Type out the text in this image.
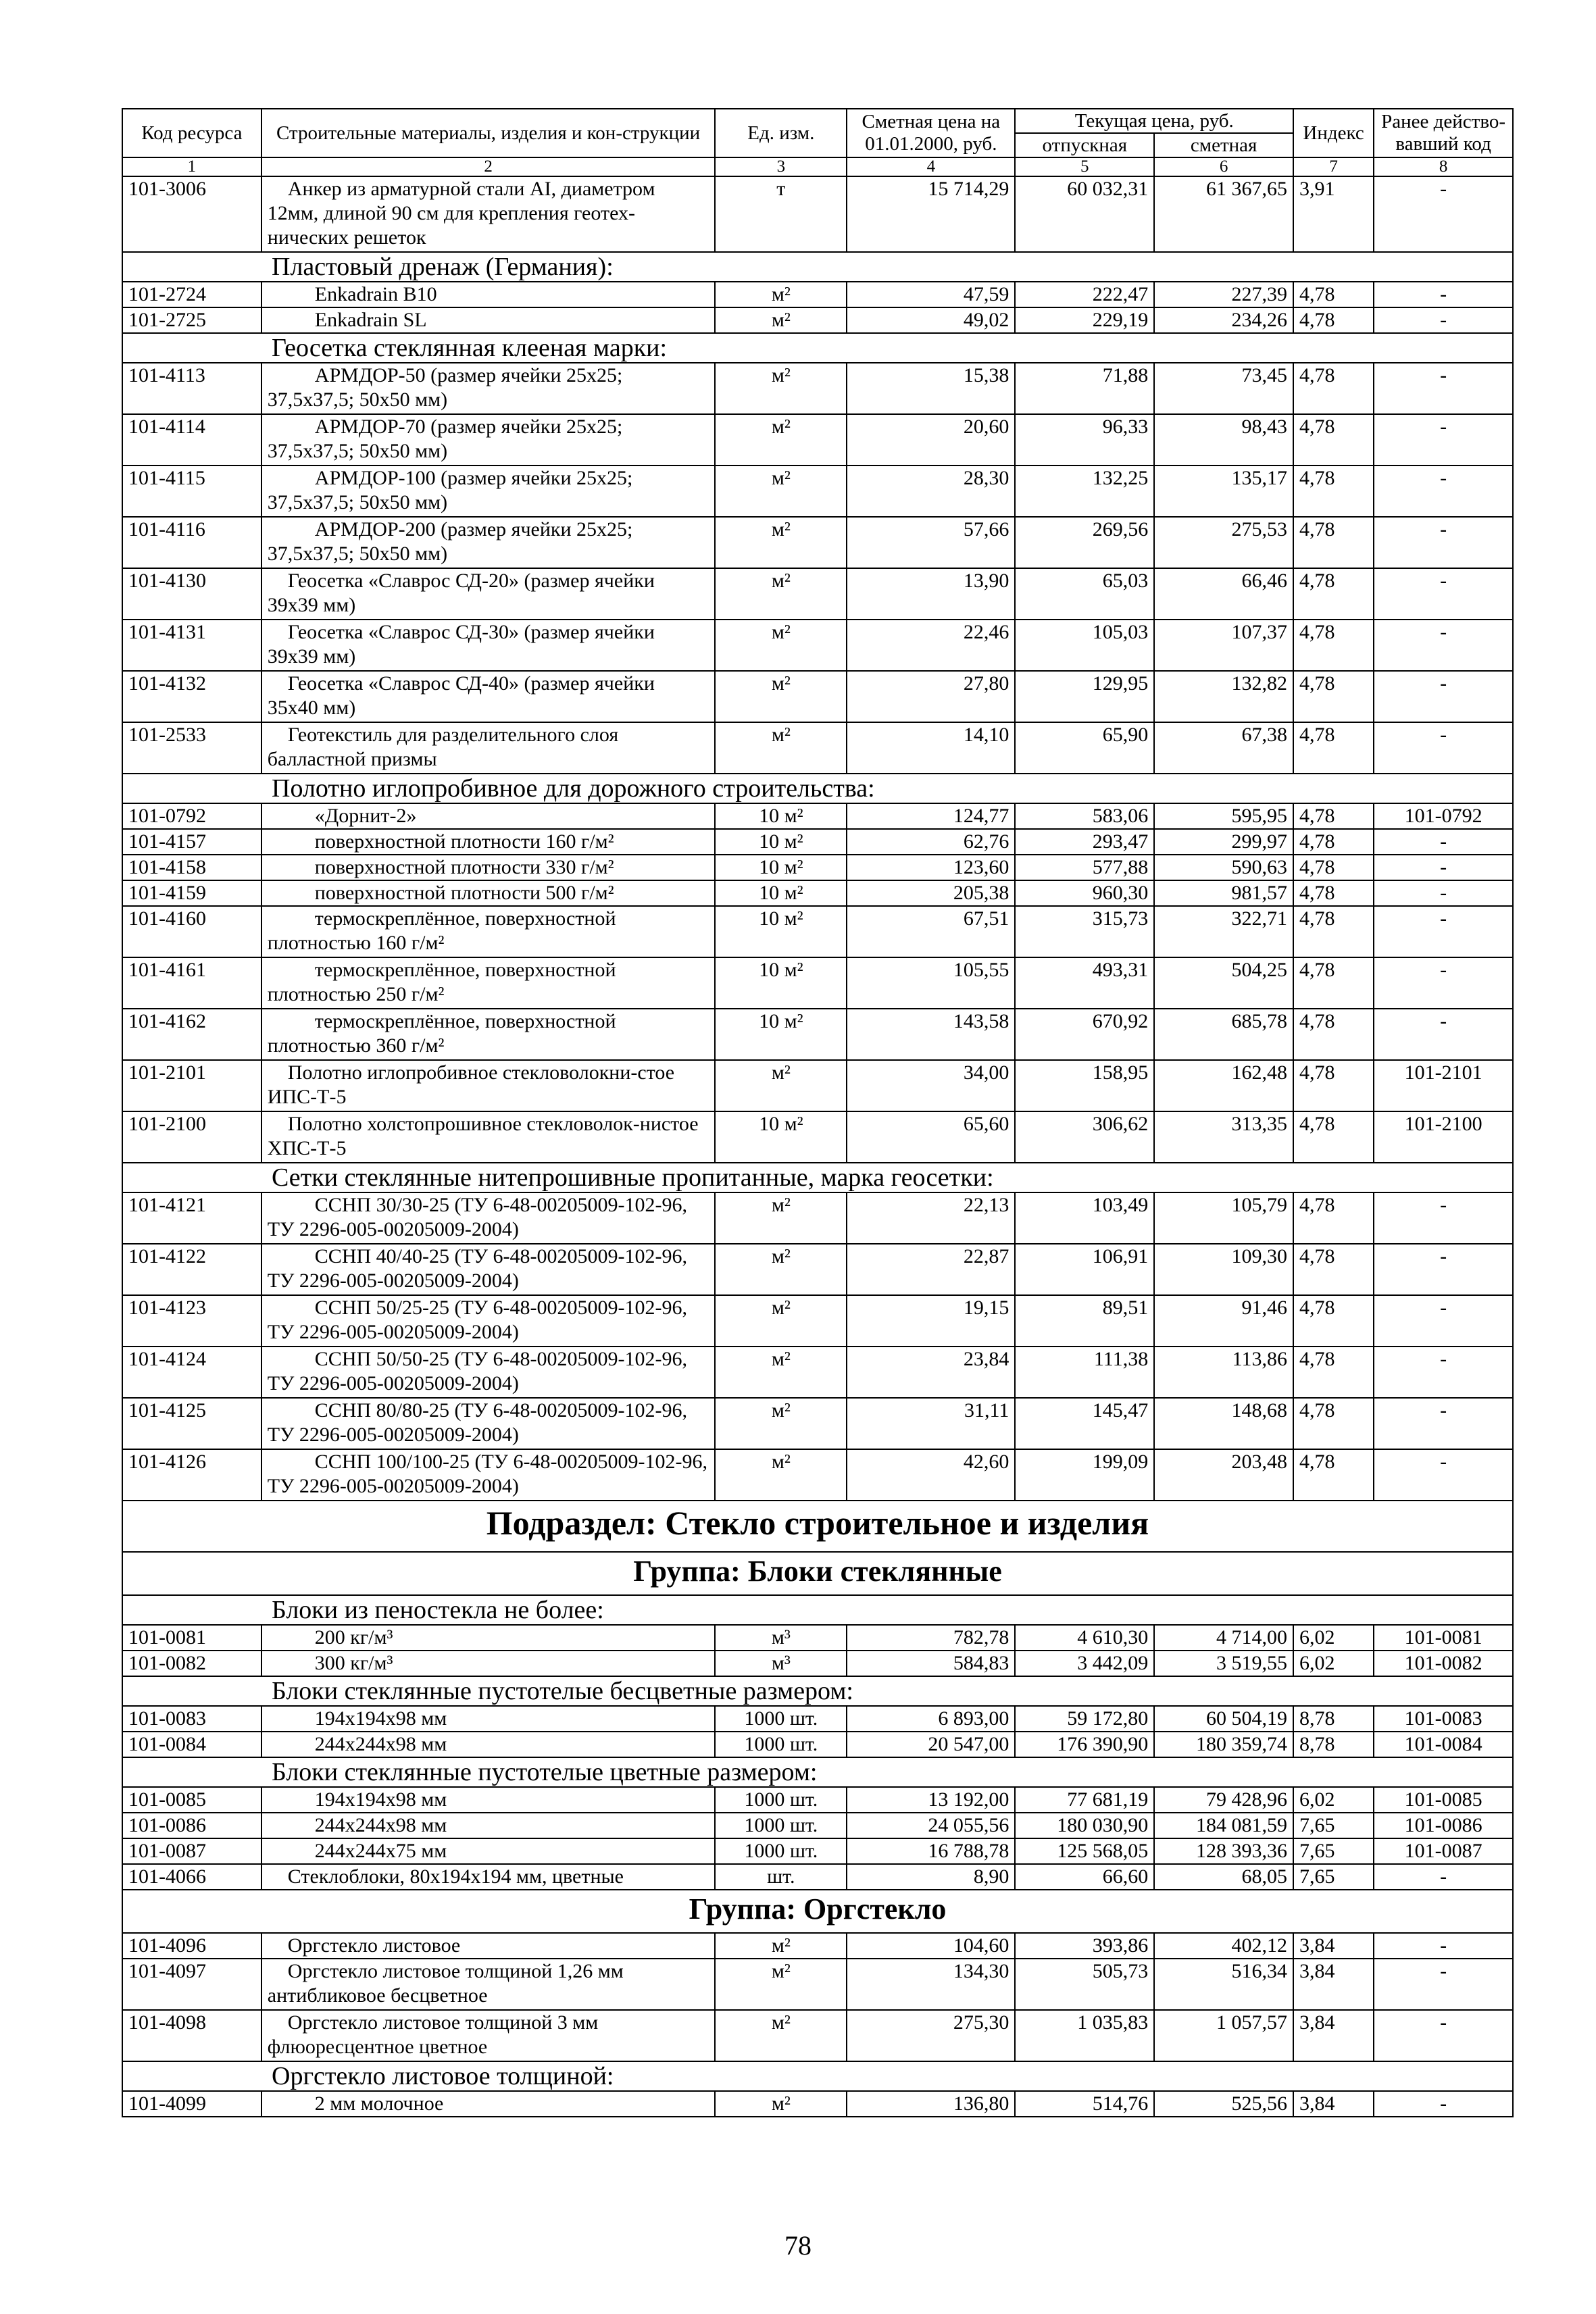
Код ресурса	Строительные материалы, изделия и кон-струкции	Ед. изм.	Сметная цена на 01.01.2000, руб.	Текущая цена, руб.		Индекс	Ранее действо-вавший код
				отпускная	сметная		
1	2	3	4	5	6	7	8
101-3006	Анкер из арматурной стали AI, диаметром 12мм, длиной 90 см для крепления геотех-нических решеток	т	15 714,29	60 032,31	61 367,65	3,91	-
Пластовый дренаж (Германия):							
101-2724	Enkadrain B10	м²	47,59	222,47	227,39	4,78	-
101-2725	Enkadrain SL	м²	49,02	229,19	234,26	4,78	-
Геосетка стеклянная клееная марки:							
101-4113	АРМДОР-50 (размер ячейки 25x25; 37,5x37,5; 50x50 мм)	м²	15,38	71,88	73,45	4,78	-
101-4114	АРМДОР-70 (размер ячейки 25x25; 37,5x37,5; 50x50 мм)	м²	20,60	96,33	98,43	4,78	-
101-4115	АРМДОР-100 (размер ячейки 25x25; 37,5x37,5; 50x50 мм)	м²	28,30	132,25	135,17	4,78	-
101-4116	АРМДОР-200 (размер ячейки 25x25; 37,5x37,5; 50x50 мм)	м²	57,66	269,56	275,53	4,78	-
101-4130	Геосетка «Славрос СД-20» (размер ячейки 39x39 мм)	м²	13,90	65,03	66,46	4,78	-
101-4131	Геосетка «Славрос СД-30» (размер ячейки 39x39 мм)	м²	22,46	105,03	107,37	4,78	-
101-4132	Геосетка «Славрос СД-40» (размер ячейки 35x40 мм)	м²	27,80	129,95	132,82	4,78	-
101-2533	Геотекстиль для разделительного слоя балластной призмы	м²	14,10	65,90	67,38	4,78	-
Полотно иглопробивное для дорожного строительства:							
101-0792	«Дорнит-2»	10 м²	124,77	583,06	595,95	4,78	101-0792
101-4157	поверхностной плотности 160 г/м²	10 м²	62,76	293,47	299,97	4,78	-
101-4158	поверхностной плотности 330 г/м²	10 м²	123,60	577,88	590,63	4,78	-
101-4159	поверхностной плотности 500 г/м²	10 м²	205,38	960,30	981,57	4,78	-
101-4160	термоскреплённое, поверхностной плотностью 160 г/м²	10 м²	67,51	315,73	322,71	4,78	-
101-4161	термоскреплённое, поверхностной плотностью 250 г/м²	10 м²	105,55	493,31	504,25	4,78	-
101-4162	термоскреплённое, поверхностной плотностью 360 г/м²	10 м²	143,58	670,92	685,78	4,78	-
101-2101	Полотно иглопробивное стекловолокни-стое ИПС-Т-5	м²	34,00	158,95	162,48	4,78	101-2101
101-2100	Полотно холстопрошивное стекловолок-нистое ХПС-Т-5	10 м²	65,60	306,62	313,35	4,78	101-2100
Сетки стеклянные нитепрошивные пропитанные, марка геосетки:							
101-4121	ССНП 30/30-25 (ТУ 6-48-00205009-102-96, ТУ 2296-005-00205009-2004)	м²	22,13	103,49	105,79	4,78	-
101-4122	ССНП 40/40-25 (ТУ 6-48-00205009-102-96, ТУ 2296-005-00205009-2004)	м²	22,87	106,91	109,30	4,78	-
101-4123	ССНП 50/25-25 (ТУ 6-48-00205009-102-96, ТУ 2296-005-00205009-2004)	м²	19,15	89,51	91,46	4,78	-
101-4124	ССНП 50/50-25 (ТУ 6-48-00205009-102-96, ТУ 2296-005-00205009-2004)	м²	23,84	111,38	113,86	4,78	-
101-4125	ССНП 80/80-25 (ТУ 6-48-00205009-102-96, ТУ 2296-005-00205009-2004)	м²	31,11	145,47	148,68	4,78	-
101-4126	ССНП 100/100-25 (ТУ 6-48-00205009-102-96, ТУ 2296-005-00205009-2004)	м²	42,60	199,09	203,48	4,78	-
Подраздел: Стекло строительное и изделия							
Группа: Блоки стеклянные							
Блоки из пеностекла не более:							
101-0081	200 кг/м³	м³	782,78	4 610,30	4 714,00	6,02	101-0081
101-0082	300 кг/м³	м³	584,83	3 442,09	3 519,55	6,02	101-0082
Блоки стеклянные пустотелые бесцветные размером:							
101-0083	194x194x98 мм	1000 шт.	6 893,00	59 172,80	60 504,19	8,78	101-0083
101-0084	244x244x98 мм	1000 шт.	20 547,00	176 390,90	180 359,74	8,78	101-0084
Блоки стеклянные пустотелые цветные размером:							
101-0085	194x194x98 мм	1000 шт.	13 192,00	77 681,19	79 428,96	6,02	101-0085
101-0086	244x244x98 мм	1000 шт.	24 055,56	180 030,90	184 081,59	7,65	101-0086
101-0087	244x244x75 мм	1000 шт.	16 788,78	125 568,05	128 393,36	7,65	101-0087
101-4066	Стеклоблоки, 80x194x194 мм, цветные	шт.	8,90	66,60	68,05	7,65	-
Группа: Оргстекло							
101-4096	Оргстекло листовое	м²	104,60	393,86	402,12	3,84	-
101-4097	Оргстекло листовое толщиной 1,26 мм антибликовое бесцветное	м²	134,30	505,73	516,34	3,84	-
101-4098	Оргстекло листовое толщиной 3 мм флюоресцентное цветное	м²	275,30	1 035,83	1 057,57	3,84	-
Оргстекло листовое толщиной:							
101-4099	2 мм молочное	м²	136,80	514,76	525,56	3,84	-
78
